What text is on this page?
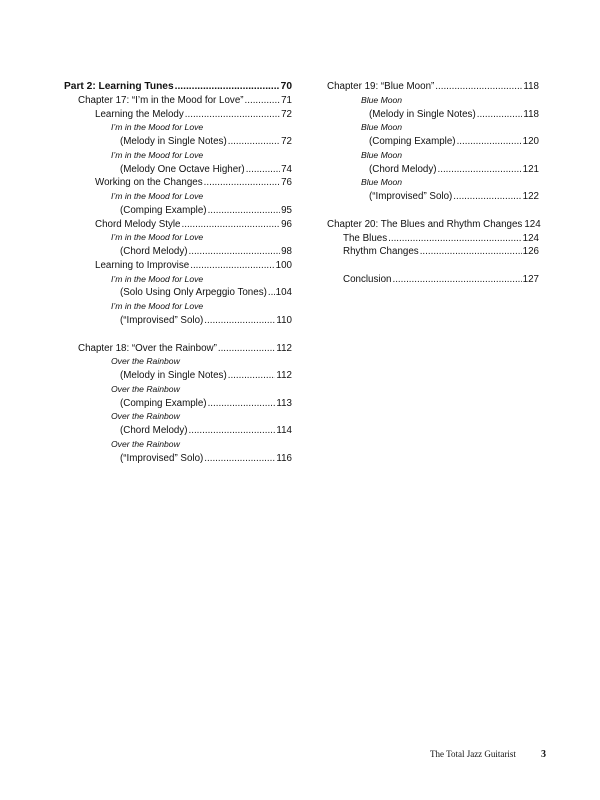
Part 2: Learning Tunes .....	70
Chapter 17: “I’m in the Mood for Love” .....	71
Learning the Melody .....	72
I’m in the Mood for Love
(Melody in Single Notes) .....	72
I’m in the Mood for Love
(Melody One Octave Higher) .....	74
Working on the Changes .....	76
I’m in the Mood for Love
(Comping Example) .....	95
Chord Melody Style .....	96
I’m in the Mood for Love
(Chord Melody) .....	98
Learning to Improvise .....	100
I’m in the Mood for Love
(Solo Using Only Arpeggio Tones) ..... 104
I’m in the Mood for Love
(“Improvised” Solo) .....	110
Chapter 18: “Over the Rainbow” .....	112
Over the Rainbow
(Melody in Single Notes) .....	112
Over the Rainbow
(Comping Example) .....	113
Over the Rainbow
(Chord Melody) .....	114
Over the Rainbow
(“Improvised” Solo) .....	116
Chapter 19: “Blue Moon” .....	118
Blue Moon
(Melody in Single Notes) .....	118
Blue Moon
(Comping Example) .....	120
Blue Moon
(Chord Melody) .....	121
Blue Moon
(“Improvised” Solo) .....	122
Chapter 20: The Blues and Rhythm Changes 124
The Blues .....	124
Rhythm Changes .....	126
Conclusion .....	127
The Total Jazz Guitarist	3
